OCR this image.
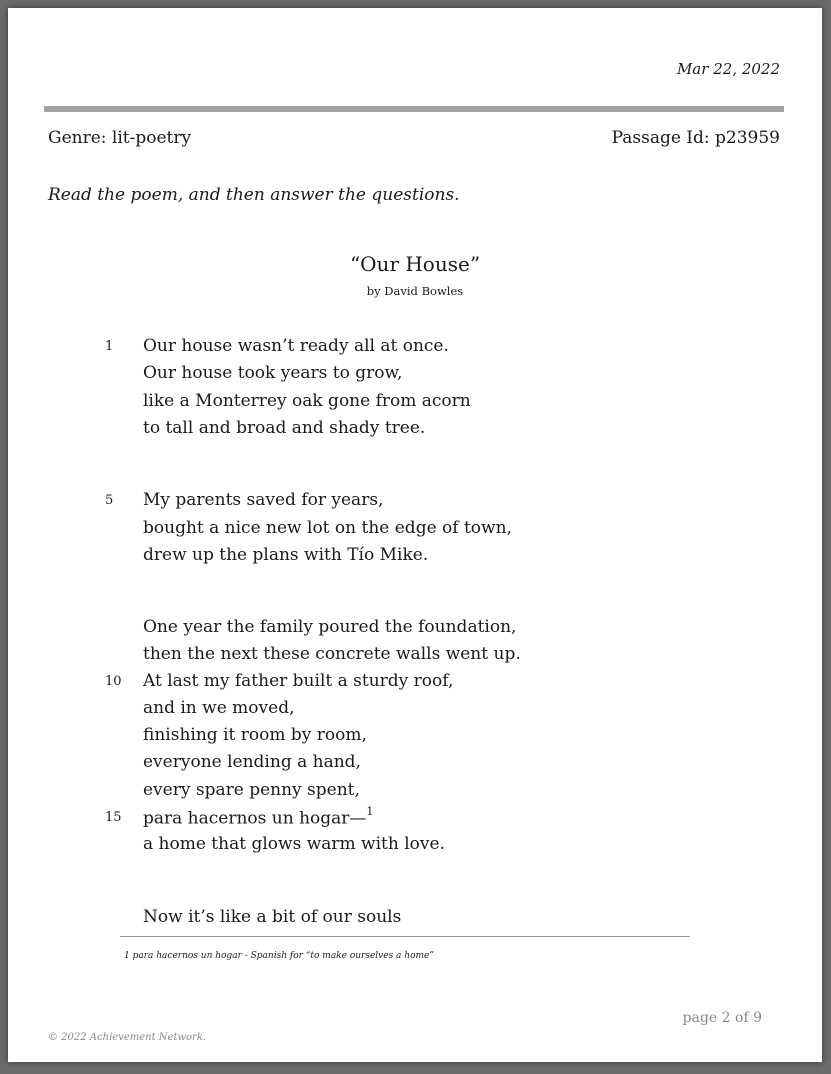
Mar 22, 2022
Genre: lit-poetry	Passage Id: p23959
Read the poem, and then answer the questions.
“Our House”
by David Bowles
1 Our house wasn’t ready all at once.
Our house took years to grow,
like a Monterrey oak gone from acorn
to tall and broad and shady tree.
5 My parents saved for years,
bought a nice new lot on the edge of town,
drew up the plans with Tío Mike.
One year the family poured the foundation,
then the next these concrete walls went up.
10 At last my father built a sturdy roof,
and in we moved,
finishing it room by room,
everyone lending a hand,
every spare penny spent,
15 para hacernos un hogar—$^1$
a home that glows warm with love.
Now it’s like a bit of our souls
1 para hacernos un hogar - Spanish for “to make ourselves a home”
page 2 of 9
© 2022 Achievement Network.
